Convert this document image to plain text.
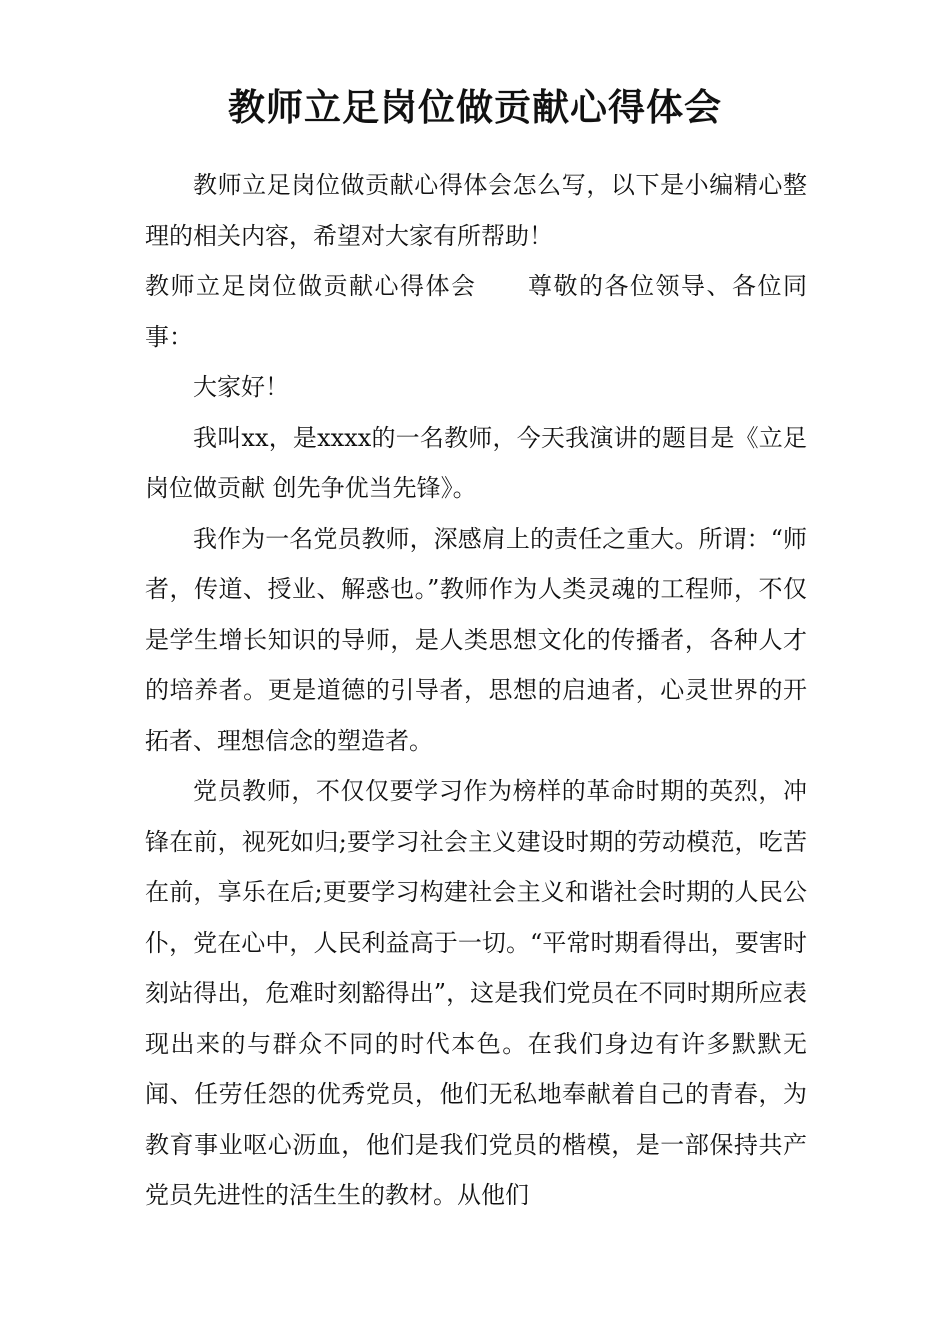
教师立足岗位做贡献心得体会

教师立足岗位做贡献心得体会怎么写，以下是小编精心整理的相关内容，希望对大家有所帮助！

教师立足岗位做贡献心得体会 尊敬的各位领导、各位同事：

大家好！

我叫xx，是xxxx的一名教师，今天我演讲的题目是《立足岗位做贡献 创先争优当先锋》。

我作为一名党员教师，深感肩上的责任之重大。所谓：“师者，传道、授业、解惑也。”教师作为人类灵魂的工程师，不仅是学生增长知识的导师，是人类思想文化的传播者，各种人才的培养者。更是道德的引导者，思想的启迪者，心灵世界的开拓者、理想信念的塑造者。

党员教师，不仅仅要学习作为榜样的革命时期的英烈，冲锋在前，视死如归;要学习社会主义建设时期的劳动模范，吃苦在前，享乐在后;更要学习构建社会主义和谐社会时期的人民公仆，党在心中，人民利益高于一切。“平常时期看得出，要害时刻站得出，危难时刻豁得出”，这是我们党员在不同时期所应表现出来的与群众不同的时代本色。在我们身边有许多默默无闻、任劳任怨的优秀党员，他们无私地奉献着自己的青春，为教育事业呕心沥血，他们是我们党员的楷模，是一部保持共产党员先进性的活生生的教材。从他们
